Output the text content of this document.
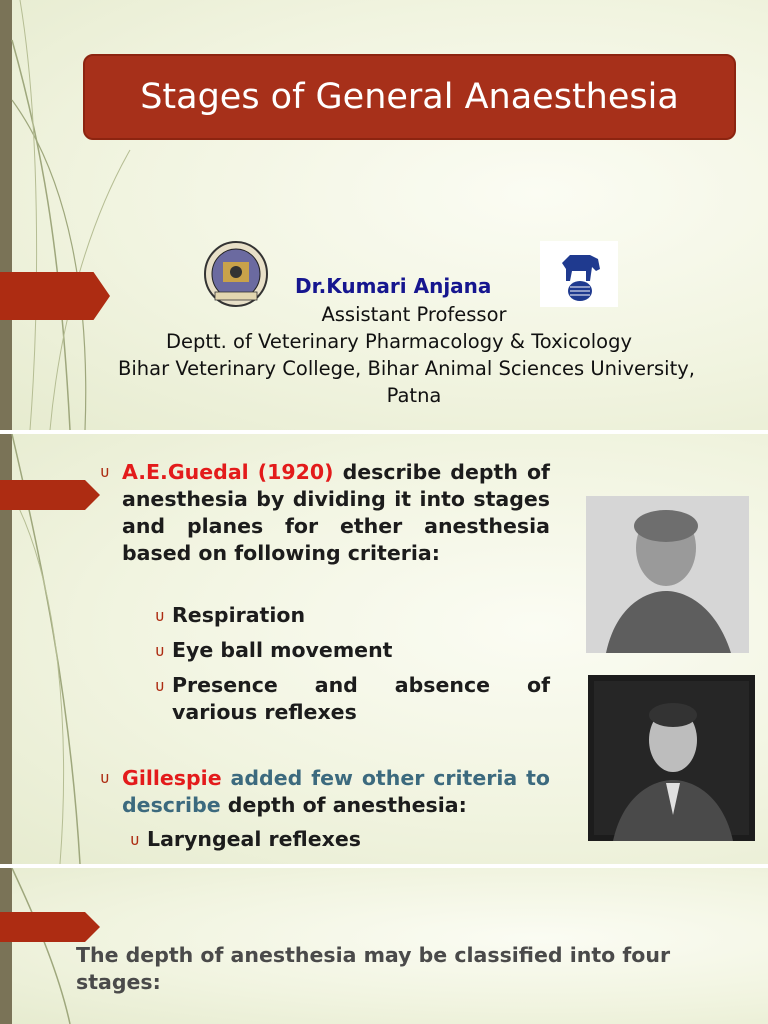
Stages of General Anaesthesia
Dr.Kumari Anjana
Assistant Professor
Deptt. of Veterinary Pharmacology & Toxicology
Bihar Veterinary College, Bihar Animal Sciences University,
Patna
ᴜ A.E.Guedal (1920) describe depth of anesthesia by dividing it into stages and planes for ether anesthesia based on following criteria:
ᴜ Respiration
ᴜ Eye ball movement
ᴜ Presence and absence of various reflexes
ᴜ Gillespie added few other criteria to describe depth of anesthesia:
ᴜ Laryngeal reflexes
The depth of anesthesia may be classified into four stages:
